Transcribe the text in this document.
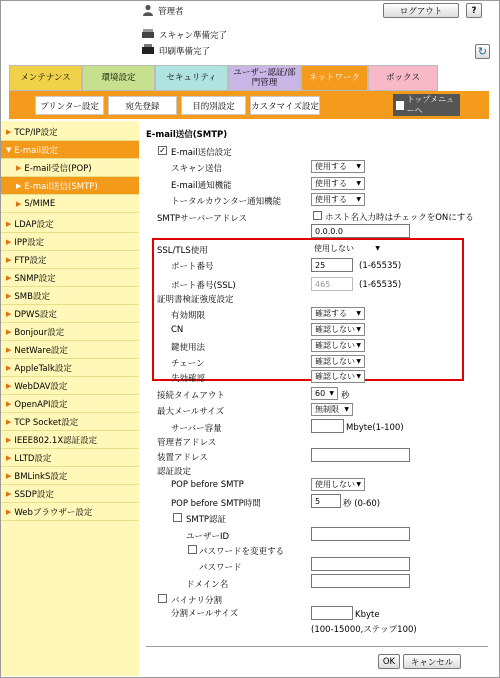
管理者	ログアウト	?
スキャン準備完了
印刷準備完了	↻
メンテナンス	環境設定	セキュリティ ユーザー認証/部門管理	ネットワーク	ボックス
プリンター設定	宛先登録	目的別設定	カスタマイズ設定
トップメニューへ
▶ TCP/IP設定
▼ E-mail設定
▶ E-mail受信(POP)
▶ E-mail送信(SMTP)
▶ S/MIME
▶ LDAP設定
▶ IPP設定
▶ FTP設定
▶ SNMP設定
▶ SMB設定
▶ DPWS設定
▶ Bonjour設定
▶ NetWare設定
▶ AppleTalk設定
▶ WebDAV設定
▶ OpenAPI設定
▶ TCP Socket設定
▶ IEEE802.1X認証設定
▶ LLTD設定
▶ BMLinkS設定
▶ SSDP設定
▶ Webブラウザー設定
E-mail送信(SMTP)
✓ E-mail送信設定
スキャン送信	使用する ▼
E-mail通知機能	使用する ▼
トータルカウンター通知機能	使用する ▼
SMTPサーバーアドレス	ホスト名入力時はチェックをONにする
0.0.0.0
SSL/TLS使用	使用しない	▼
ポート番号	25	(1-65535)
ポート番号(SSL)	465	(1-65535)
証明書検証強度設定
有効期限	確認する ▼
CN	確認しない ▼
鍵使用法	確認しない ▼
チェーン	確認しない ▼
失効確認	確認しない ▼
接続タイムアウト	60 ▼ 秒
最大メールサイズ	無制限 ▼
サーバー容量	Mbyte(1-100)
管理者アドレス
装置アドレス
認証設定
POP before SMTP	使用しない ▼
POP before SMTP時間	5	秒 (0-60)
SMTP認証
ユーザーID
パスワードを変更する
パスワード
ドメイン名
バイナリ分割
分割メールサイズ	Kbyte
(100-15000,ステップ100)
OK	キャンセル
